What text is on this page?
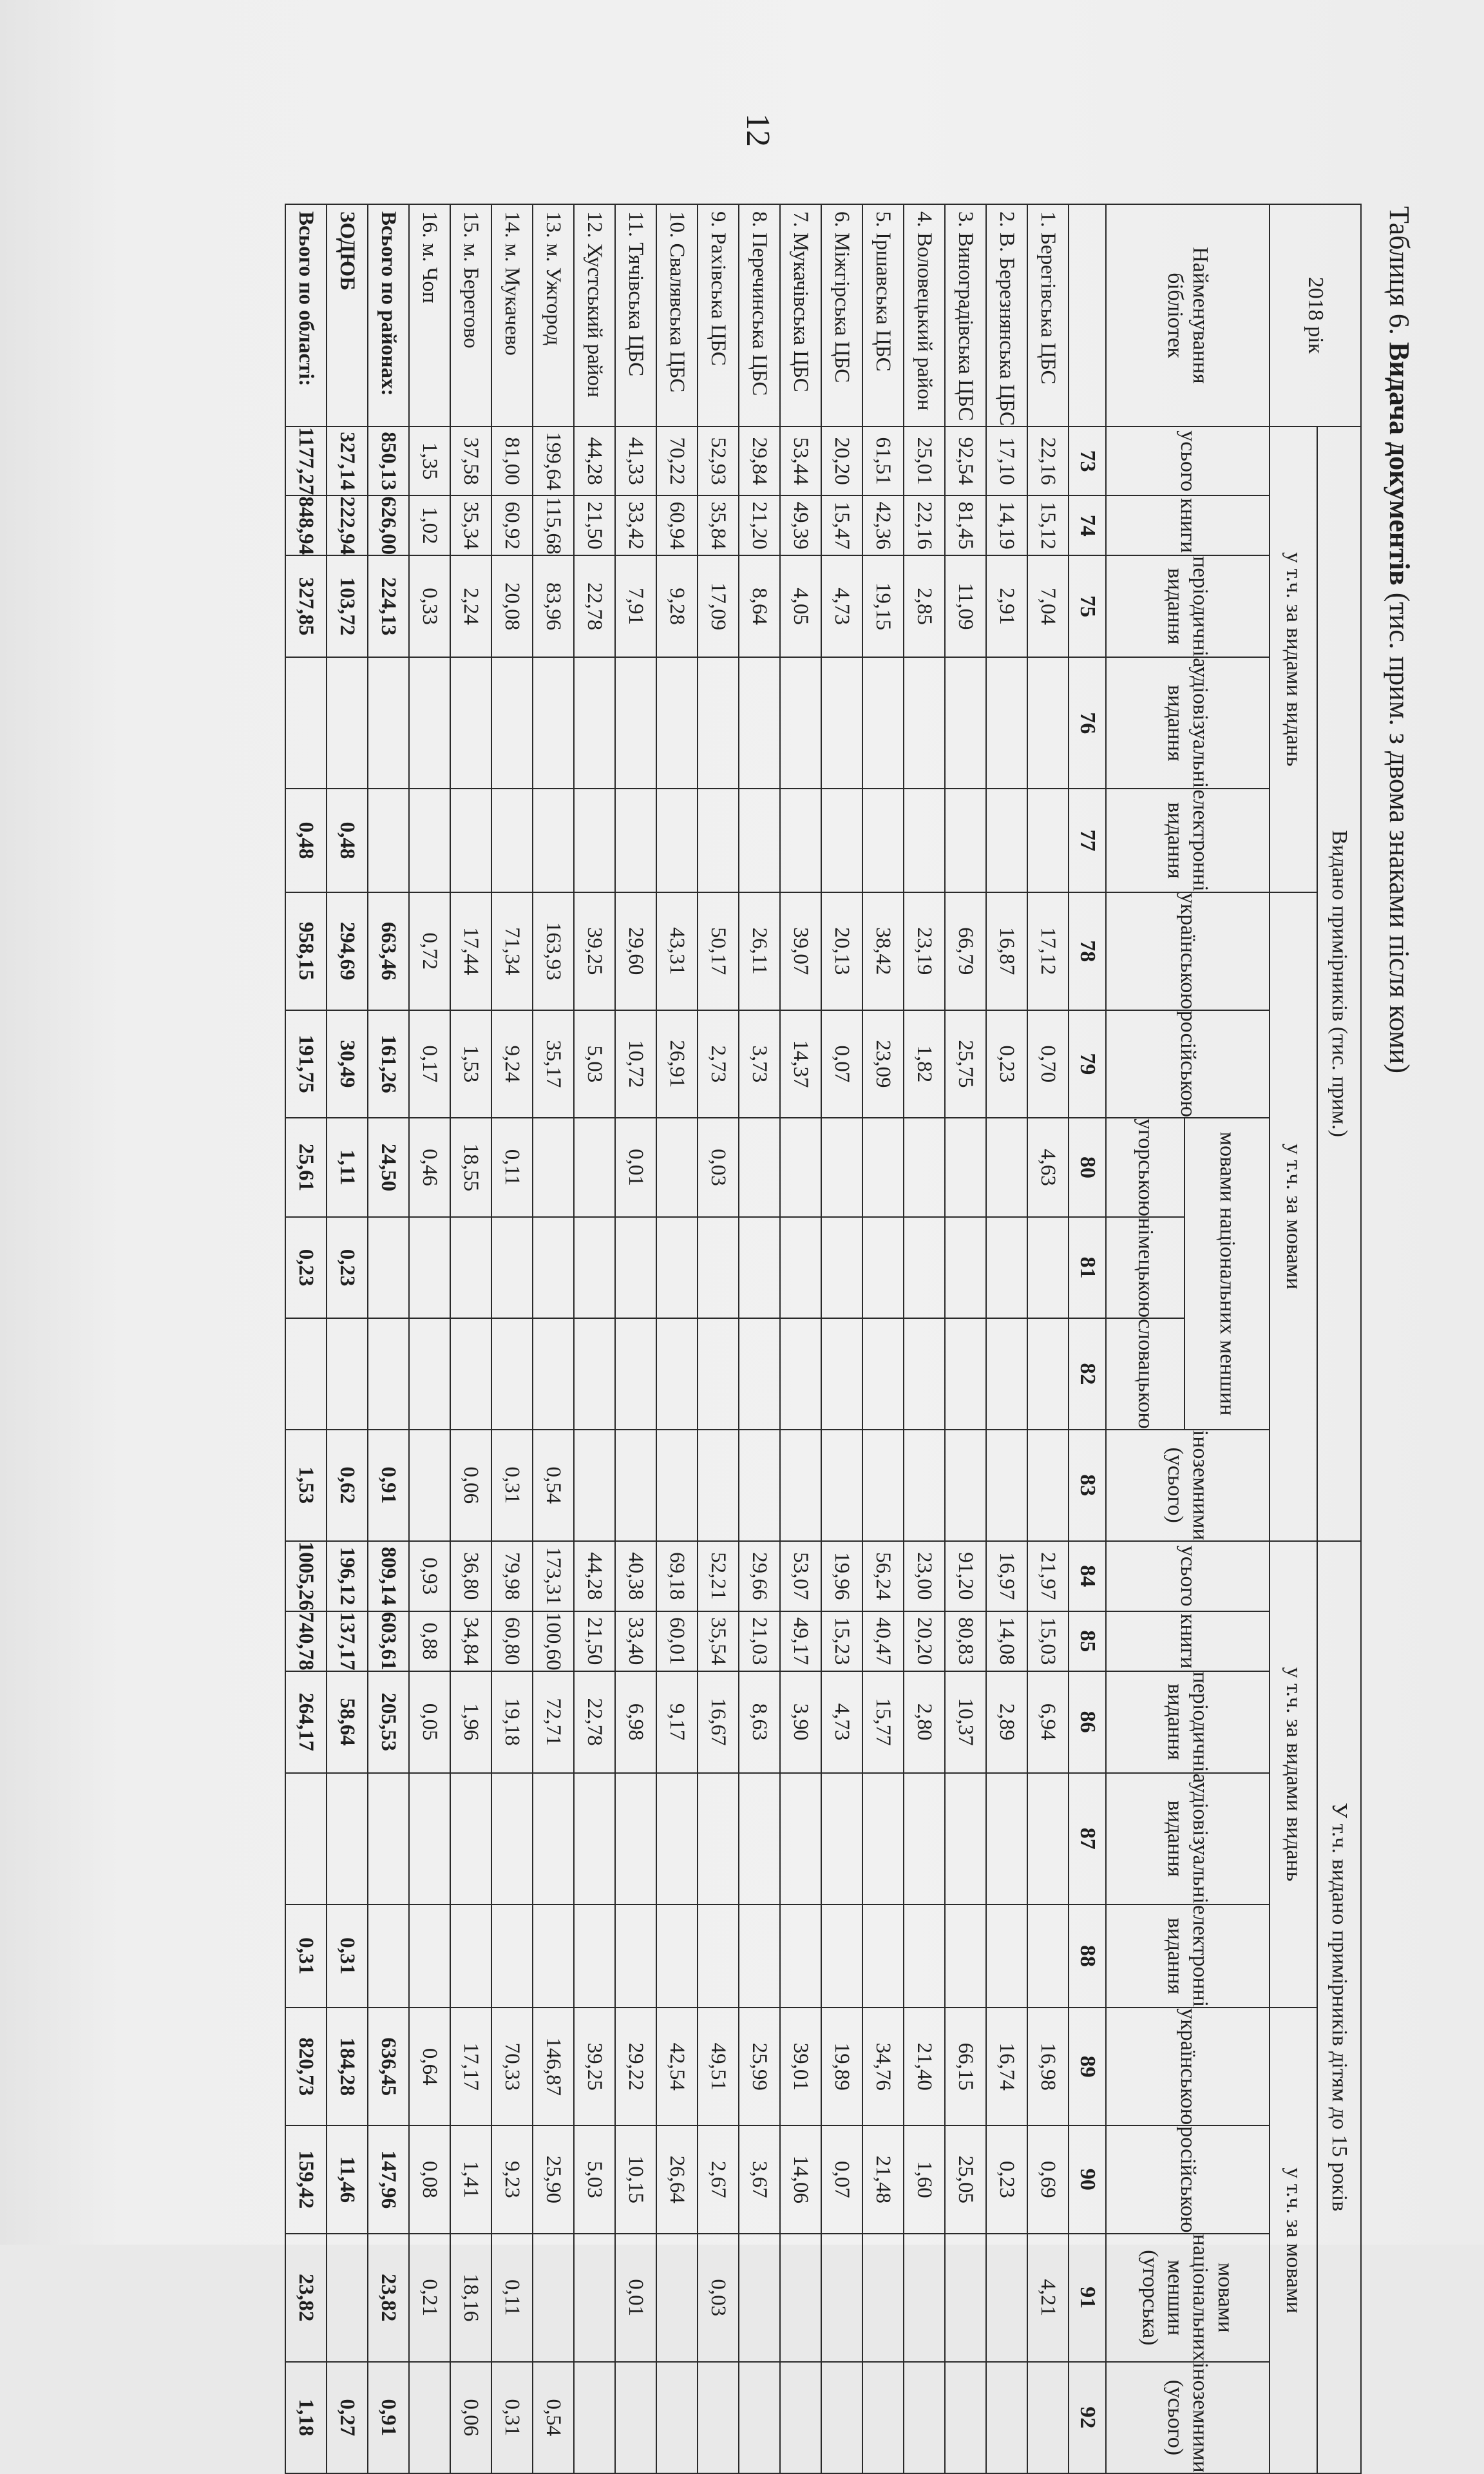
Таблиця 6. Видача документів (тис. прим. з двома знаками після коми)
12
2018 рік	Видано примірників (тис. прим.)											У т.ч. видано примірників дітям до 15 років								
	у т.ч. за видами видань					у т.ч. за мовами						у т.ч. за видами видань					у т.ч. за мовами			
Найменування бібліотек	усього	книги	періодичні видання	аудіовізуальні видання	електронні видання	українською	російською	мовами національних меншин			іноземними (усього)	усього	книги	періодичні видання	аудіовізуальні видання	електронні видання	українською	російською	мовами національних меншин (угорська)	іноземними (усього)
								угорською	німецькою	словацькою										
	73	74	75	76	77	78	79	80	81	82	83	84	85	86	87	88	89	90	91	92
1. Берегівська ЦБС	22,16	15,12	7,04			17,12	0,70	4,63				21,97	15,03	6,94			16,98	0,69	4,21	
2. В. Березнянська ЦБС	17,10	14,19	2,91			16,87	0,23					16,97	14,08	2,89			16,74	0,23		
3. Виноградівська ЦБС	92,54	81,45	11,09			66,79	25,75					91,20	80,83	10,37			66,15	25,05		
4. Воловецький район	25,01	22,16	2,85			23,19	1,82					23,00	20,20	2,80			21,40	1,60		
5. Іршавська ЦБС	61,51	42,36	19,15			38,42	23,09					56,24	40,47	15,77			34,76	21,48		
6. Міжгірська ЦБС	20,20	15,47	4,73			20,13	0,07					19,96	15,23	4,73			19,89	0,07		
7. Мукачівська ЦБС	53,44	49,39	4,05			39,07	14,37					53,07	49,17	3,90			39,01	14,06		
8. Перечинська ЦБС	29,84	21,20	8,64			26,11	3,73					29,66	21,03	8,63			25,99	3,67		
9. Рахівська ЦБС	52,93	35,84	17,09			50,17	2,73	0,03				52,21	35,54	16,67			49,51	2,67	0,03	
10. Свалявська ЦБС	70,22	60,94	9,28			43,31	26,91					69,18	60,01	9,17			42,54	26,64		
11. Тячівська ЦБС	41,33	33,42	7,91			29,60	10,72	0,01				40,38	33,40	6,98			29,22	10,15	0,01	
12. Хустський район	44,28	21,50	22,78			39,25	5,03					44,28	21,50	22,78			39,25	5,03		
13. м. Ужгород	199,64	115,68	83,96			163,93	35,17				0,54	173,31	100,60	72,71			146,87	25,90		0,54
14. м. Мукачево	81,00	60,92	20,08			71,34	9,24	0,11			0,31	79,98	60,80	19,18			70,33	9,23	0,11	0,31
15. м. Берегово	37,58	35,34	2,24			17,44	1,53	18,55			0,06	36,80	34,84	1,96			17,17	1,41	18,16	0,06
16. м. Чоп	1,35	1,02	0,33			0,72	0,17	0,46				0,93	0,88	0,05			0,64	0,08	0,21	
Всього по районах:	850,13	626,00	224,13			663,46	161,26	24,50			0,91	809,14	603,61	205,53			636,45	147,96	23,82	0,91
ЗОДЮБ	327,14	222,94	103,72		0,48	294,69	30,49	1,11	0,23		0,62	196,12	137,17	58,64		0,31	184,28	11,46		0,27
Всього по області:	1177,27	848,94	327,85		0,48	958,15	191,75	25,61	0,23		1,53	1005,26	740,78	264,17		0,31	820,73	159,42	23,82	1,18
